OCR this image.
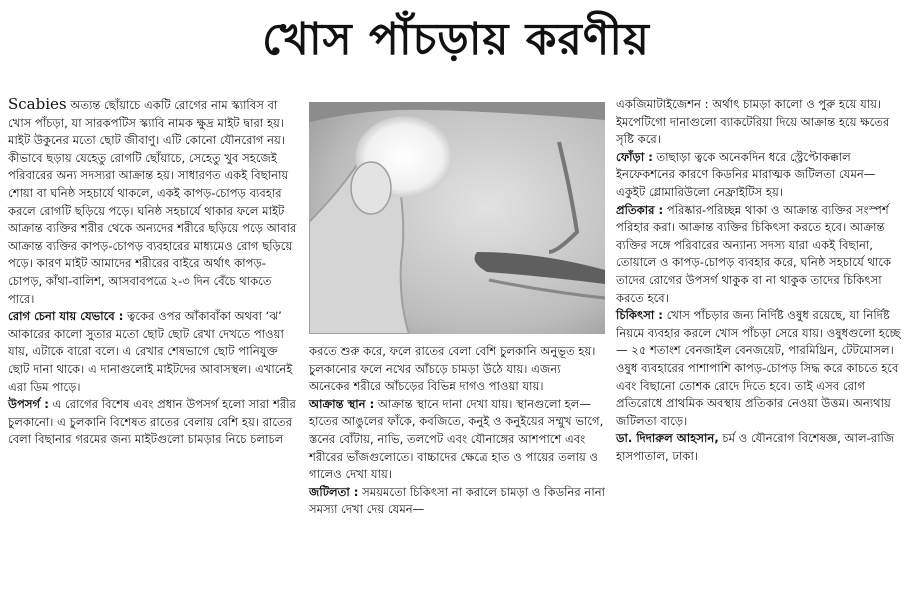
খোস পাঁচড়ায় করণীয়

Scabies অত্যন্ত ছোঁয়াচে একটি রোগের নাম স্ক্যাবিস বা খোস পাঁচড়া, যা সারকপটিস স্ক্যাবি নামক ক্ষুদ্র মাইট দ্বারা হয়। মাইট উকুনের মতো ছোট জীবাণু। এটি কোনো যৌনরোগ নয়। কীভাবে ছড়ায় যেহেতু রোগটি ছোঁয়াচে, সেহেতু খুব সহজেই পরিবারের অন্য সদস্যরা আক্রান্ত হয়। সাধারণত একই বিছানায় শোয়া বা ঘনিষ্ঠ সহচার্যে থাকলে, একই কাপড়-চোপড় ব্যবহার করলে রোগটি ছড়িয়ে পড়ে। ঘনিষ্ঠ সহচার্যে থাকার ফলে মাইট আক্রান্ত ব্যক্তির শরীর থেকে অন্যদের শরীরে ছড়িয়ে পড়ে আবার আক্রান্ত ব্যক্তির কাপড়-চোপড় ব্যবহারের মাধ্যমেও রোগ ছড়িয়ে পড়ে। কারণ মাইট আমাদের শরীরের বাইরে অর্থাৎ কাপড়-চোপড়, কাঁথা-বালিশ, আসবাবপত্রে ২-৩ দিন বেঁচে থাকতে পারে।

রোগ চেনা যায় যেভাবে : ত্বকের ওপর আঁকাবাঁকা অথবা ‘ঝ’ আকারের কালো সুতার মতো ছোট ছোট রেখা দেখতে পাওয়া যায়, এটাকে বারো বলে। এ রেখার শেষভাগে ছোট পানিযুক্ত ছোট দানা থাকে। এ দানাগুলোই মাইটদের আবাসস্থল। এখানেই এরা ডিম পাড়ে।

উপসর্গ : এ রোগের বিশেষ এবং প্রধান উপসর্গ হলো সারা শরীর চুলকানো। এ চুলকানি বিশেষত রাতের বেলায় বেশি হয়। রাতের বেলা বিছানার গরমের জন্য মাইটগুলো চামড়ার নিচে চলাচল

করতে শুরু করে, ফলে রাতের বেলা বেশি চুলকানি অনুভূত হয়। চুলকানোর ফলে নখের আঁচড়ে চামড়া উঠে যায়। এজন্য অনেকের শরীরে আঁচড়ের বিভিন্ন দাগও পাওয়া যায়।

আক্রান্ত স্থান : আক্রান্ত স্থানে দানা দেখা যায়। স্থানগুলো হল— হাতের আঙুলের ফাঁকে, কবজিতে, কনুই ও কনুইয়ের সম্মুখ ভাগে, স্তনের বোঁটায়, নাভি, তলপেট এবং যৌনাঙ্গের আশপাশে এবং শরীরের ভাঁজগুলোতে। বাচ্চাদের ক্ষেত্রে হাত ও পায়ের তলায় ও গালেও দেখা যায়।

জটিলতা : সময়মতো চিকিৎসা না করালে চামড়া ও কিডনির নানা সমস্যা দেখা দেয় যেমন—

একজিমাটাইজেশন : অর্থাৎ চামড়া কালো ও পুরু হয়ে যায়। ইমপেটিগো দানাগুলো ব্যাকটেরিয়া দিয়ে আক্রান্ত হয়ে ক্ষতের সৃষ্টি করে।

ফোঁড়া : তাছাড়া ত্বকে অনেকদিন ধরে স্ট্রেপ্টোকক্কাল ইনফেকশনের কারণে কিডনির মারাত্মক জটিলতা যেমন— একুইট গ্লোমারিউলো নেফ্রাইটিস হয়।

প্রতিকার : পরিষ্কার-পরিচ্ছন্ন থাকা ও আক্রান্ত ব্যক্তির সংস্পর্শ পরিহার করা। আক্রান্ত ব্যক্তির চিকিৎসা করতে হবে। আক্রান্ত ব্যক্তির সঙ্গে পরিবারের অন্যান্য সদস্য যারা একই বিছানা, তোয়ালে ও কাপড়-চোপড় ব্যবহার করে, ঘনিষ্ঠ সহচার্যে থাকে তাদের রোগের উপসর্গ থাকুক বা না থাকুক তাদের চিকিৎসা করতে হবে।

চিকিৎসা : খোস পাঁচড়ার জন্য নির্দিষ্ট ওষুধ রয়েছে, যা নির্দিষ্ট নিয়মে ব্যবহার করলে খোস পাঁচড়া সেরে যায়। ওষুধগুলো হচ্ছে— ২৫ শতাংশ বেনজাইল বেনজয়েট, পারমিথ্রিন, টেটমোসল। ওষুধ ব্যবহারের পাশাপাশি কাপড়-চোপড় সিদ্ধ করে কাচতে হবে এবং বিছানো তোশক রোদে দিতে হবে। তাই এসব রোগ প্রতিরোধে প্রাথমিক অবস্থায় প্রতিকার নেওয়া উত্তম। অন্যথায় জটিলতা বাড়ে।

ডা. দিদারুল আহসান, চর্ম ও যৌনরোগ বিশেষজ্ঞ, আল-রাজি হাসপাতাল, ঢাকা।
